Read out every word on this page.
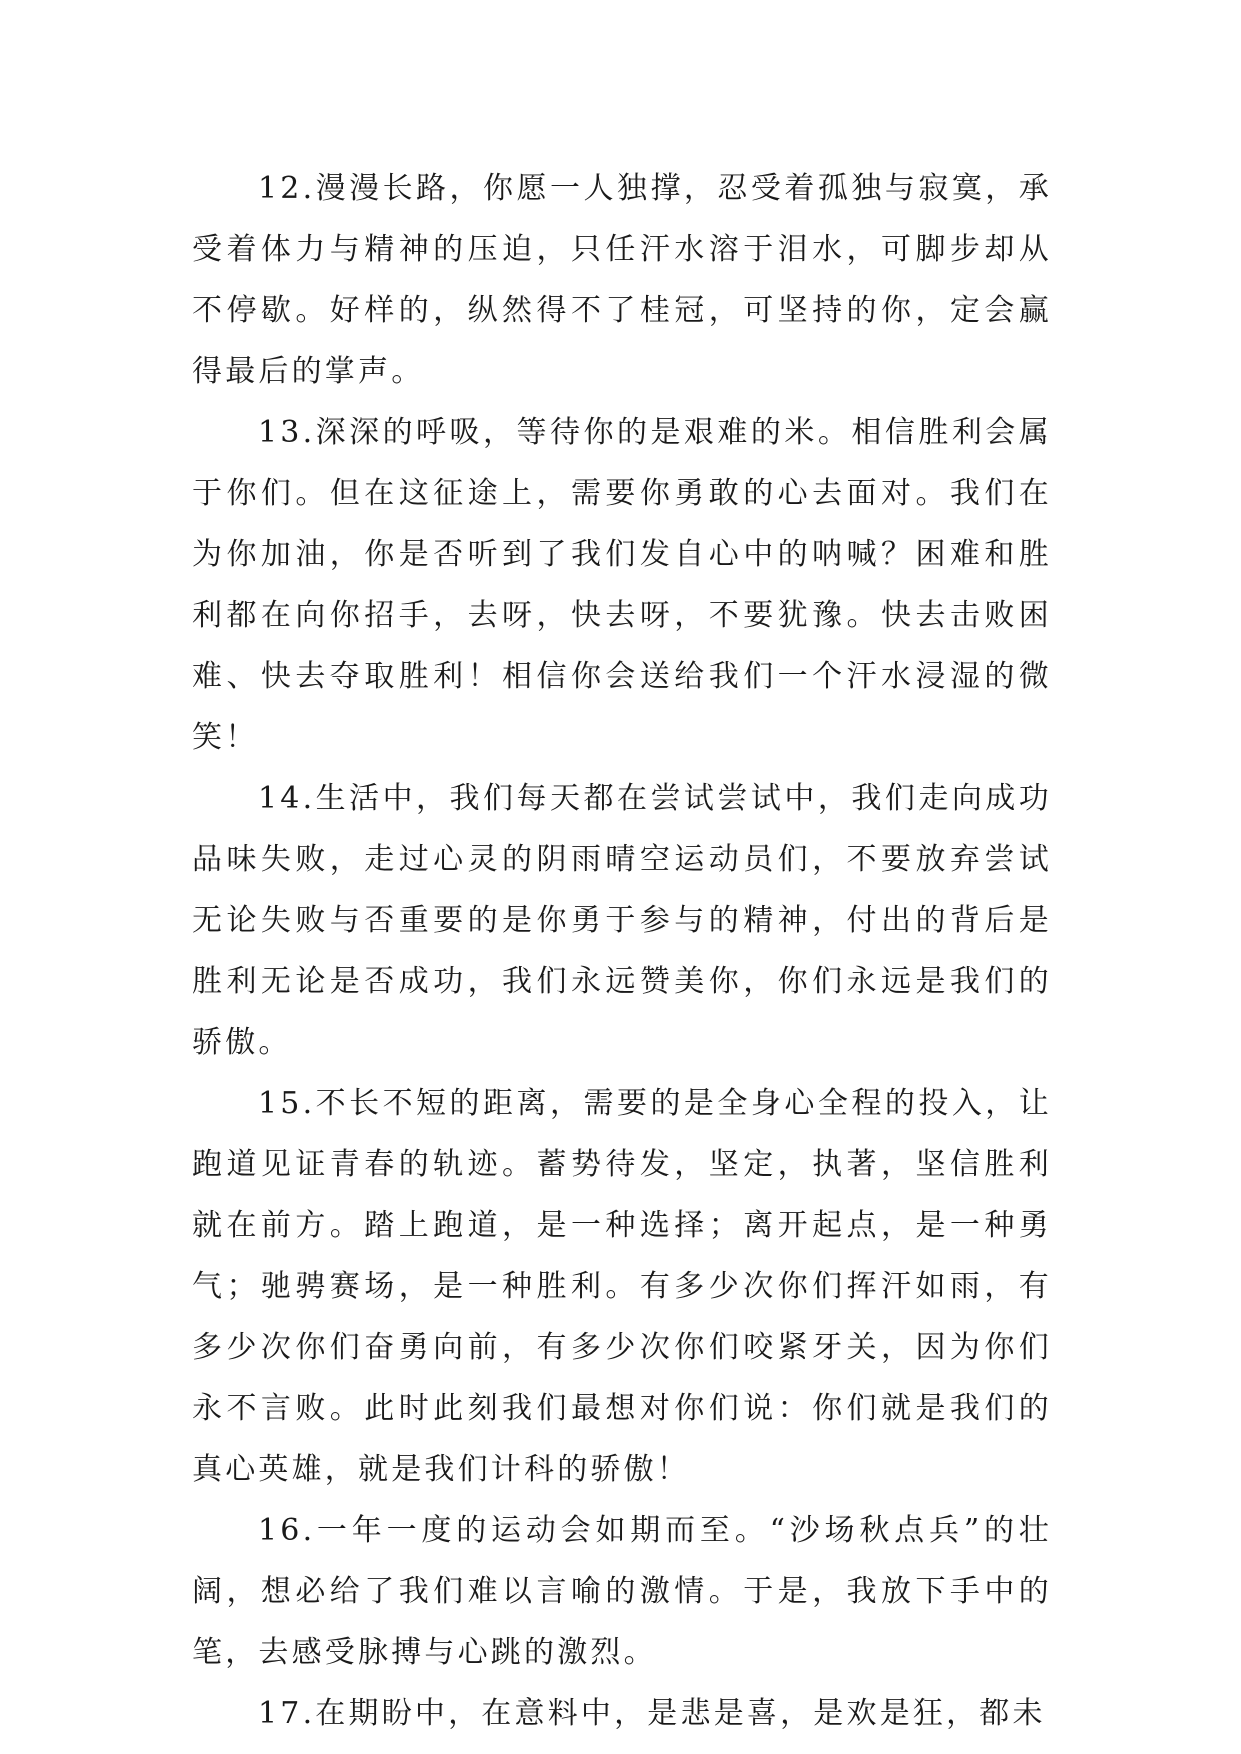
12.漫漫长路，你愿一人独撑，忍受着孤独与寂寞，承受着体力与精神的压迫，只任汗水溶于泪水，可脚步却从不停歇。好样的，纵然得不了桂冠，可坚持的你，定会赢得最后的掌声。

13.深深的呼吸，等待你的是艰难的米。相信胜利会属于你们。但在这征途上，需要你勇敢的心去面对。我们在为你加油，你是否听到了我们发自心中的呐喊？困难和胜利都在向你招手，去呀，快去呀，不要犹豫。快去击败困难、快去夺取胜利！相信你会送给我们一个汗水浸湿的微笑！

14.生活中，我们每天都在尝试尝试中，我们走向成功品味失败，走过心灵的阴雨晴空运动员们，不要放弃尝试无论失败与否重要的是你勇于参与的精神，付出的背后是胜利无论是否成功，我们永远赞美你，你们永远是我们的骄傲。

15.不长不短的距离，需要的是全身心全程的投入，让跑道见证青春的轨迹。蓄势待发，坚定，执著，坚信胜利就在前方。踏上跑道，是一种选择；离开起点，是一种勇气；驰骋赛场，是一种胜利。有多少次你们挥汗如雨，有多少次你们奋勇向前，有多少次你们咬紧牙关，因为你们永不言败。此时此刻我们最想对你们说：你们就是我们的真心英雄，就是我们计科的骄傲！

16.一年一度的运动会如期而至。“沙场秋点兵”的壮阔，想必给了我们难以言喻的激情。于是，我放下手中的笔，去感受脉搏与心跳的激烈。

17.在期盼中，在意料中，是悲是喜，是欢是狂，都未
